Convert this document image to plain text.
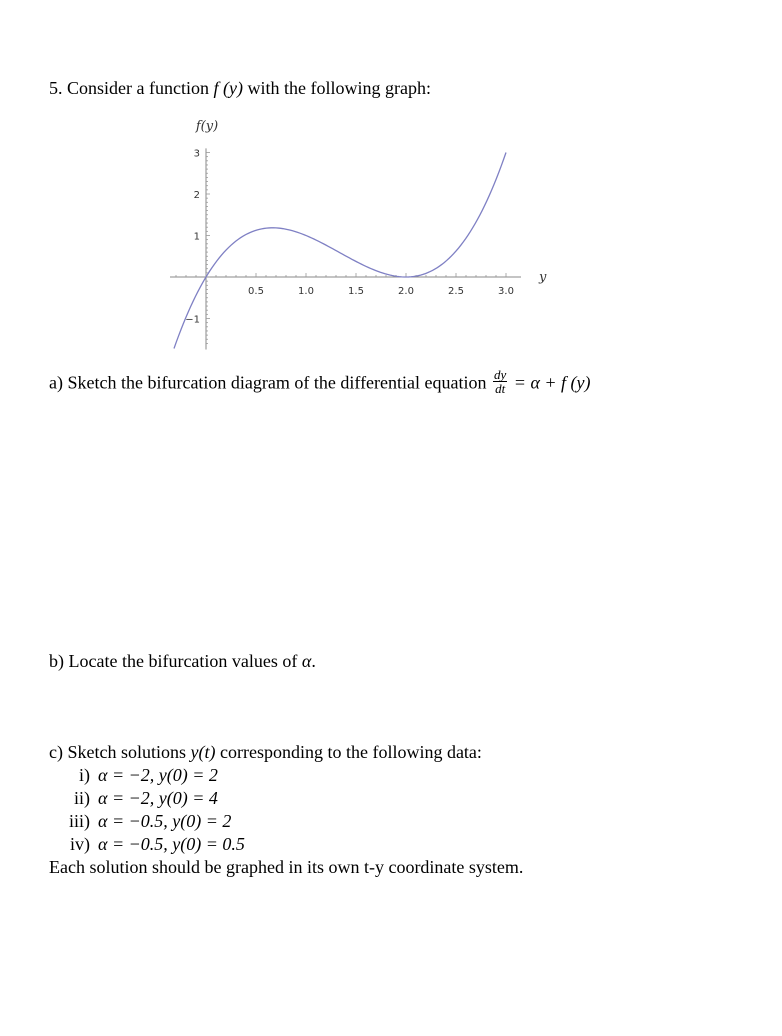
5. Consider a function f (y) with the following graph:
0.5	1.0	1.5	2.0	2.5	3.0
3
2
1
−1
f(y)
y
a) Sketch the bifurcation diagram of the differential equation $\frac{dy}{dt} = \alpha + f$ (y)
b) Locate the bifurcation values of α.
c) Sketch solutions y(t) corresponding to the following data:
i) α = −2, y(0) = 2
ii) α = −2, y(0) = 4
iii) α = −0.5, y(0) = 2
iv) α = −0.5, y(0) = 0.5
Each solution should be graphed in its own t-y coordinate system.
